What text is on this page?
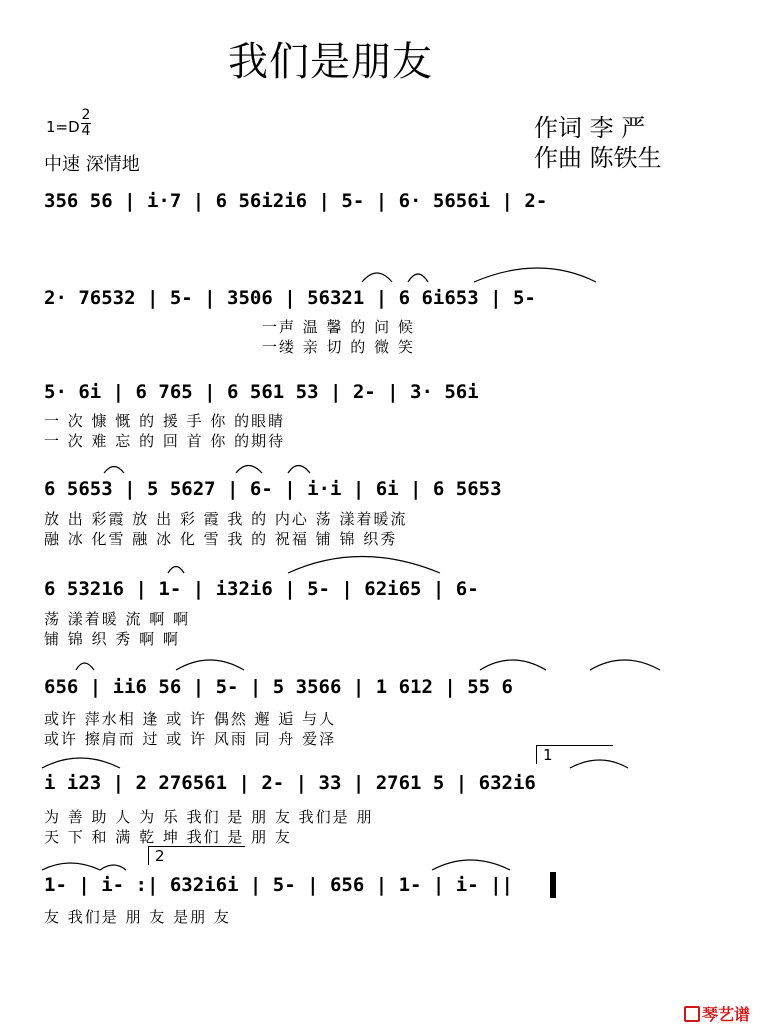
我们是朋友
1=D
2
4
中速 深情地
作词 李 严
作曲 陈铁生
356 56 | i·7 | 6 56i2i6 | 5- | 6· 5656i | 2-
2· 76532 | 5- | 3506 | 56321 | 6 6i653 | 5-
一声 温 馨 的 问 候
一缕 亲 切 的 微 笑
5· 6i | 6 765 | 6 561 53 | 2- | 3· 56i
一 次 慷 慨 的 援 手 你 的眼睛
一 次 难 忘 的 回 首 你 的期待
6 5653 | 5 5627 | 6- | i·i | 6i | 6 5653
放 出 彩霞 放 出 彩 霞 我 的 内心 荡 漾着暖流
融 冰 化雪 融 冰 化 雪 我 的 祝福 铺 锦 织秀
6 53216 | 1- | i32i6 | 5- | 62i65 | 6-
荡 漾着暖 流 啊 啊
铺 锦 织 秀 啊 啊
656 | ii6 56 | 5- | 5 3566 | 1 612 | 55 6
或许 萍水相 逢 或 许 偶然 邂 逅 与人
或许 擦肩而 过 或 许 风雨 同 舟 爱泽
1
i i23 | 2 276561 | 2- | 33 | 2761 5 | 632i6
为 善 助 人 为 乐 我们 是 朋 友 我们是 朋
天 下 和 满 乾 坤 我们 是 朋 友
2
1- | i- :| 632i6i | 5- | 656 | 1- | i- ||
友 我们是 朋 友 是朋 友
琴艺谱
